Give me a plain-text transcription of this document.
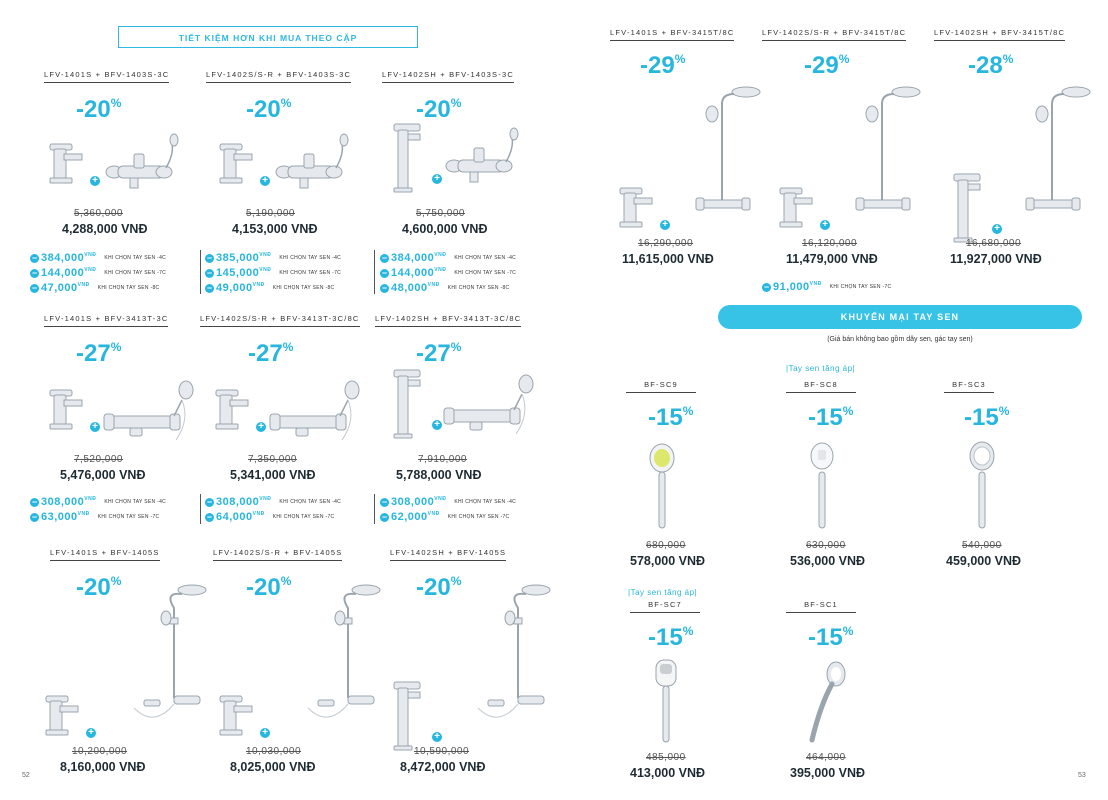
TIẾT KIỆM HƠN KHI MUA THEO CẶP
52	53
LFV-1401S + BFV-1403S-3C
-20%
+
5,360,000
4,288,000 VNĐ
− $384,000^{VNĐ}$ KHI CHỌN TAY SEN -4C
− $144,000^{VNĐ}$ KHI CHỌN TAY SEN -7C
− $47,000^{VNĐ}$ KHI CHỌN TAY SEN -8C
LFV-1402S/S-R + BFV-1403S-3C
-20%
+
5,190,000
4,153,000 VNĐ
− $385,000^{VNĐ}$ KHI CHỌN TAY SEN -4C
− $145,000^{VNĐ}$ KHI CHỌN TAY SEN -7C
− $49,000^{VNĐ}$ KHI CHỌN TAY SEN -8C
LFV-1402SH + BFV-1403S-3C
-20%
+
5,750,000
4,600,000 VNĐ
− $384,000^{VNĐ}$ KHI CHỌN TAY SEN -4C
− $144,000^{VNĐ}$ KHI CHỌN TAY SEN -7C
− $48,000^{VNĐ}$ KHI CHỌN TAY SEN -8C
LFV-1401S + BFV-3413T-3C
-27%
+
7,520,000
5,476,000 VNĐ
− $308,000^{VNĐ}$ KHI CHỌN TAY SEN -4C
− $63,000^{VNĐ}$ KHI CHỌN TAY SEN -7C
LFV-1402S/S-R + BFV-3413T-3C/8C
-27%
+
7,350,000
5,341,000 VNĐ
− $308,000^{VNĐ}$ KHI CHỌN TAY SEN -4C
− $64,000^{VNĐ}$ KHI CHỌN TAY SEN -7C
LFV-1402SH + BFV-3413T-3C/8C
-27%
+
7,910,000
5,788,000 VNĐ
− $308,000^{VNĐ}$ KHI CHỌN TAY SEN -4C
− $62,000^{VNĐ}$ KHI CHỌN TAY SEN -7C
LFV-1401S + BFV-1405S
-20%
+
10,200,000
8,160,000 VNĐ
LFV-1402S/S-R + BFV-1405S
-20%
+
10,030,000
8,025,000 VNĐ
LFV-1402SH + BFV-1405S
-20%
+
10,590,000
8,472,000 VNĐ
LFV-1401S + BFV-3415T/8C
-29%
+
16,290,000
11,615,000 VNĐ
LFV-1402S/S-R + BFV-3415T/8C
-29%
+
16,120,000
11,479,000 VNĐ
LFV-1402SH + BFV-3415T/8C
-28%
+
16,680,000
11,927,000 VNĐ
− $91,000^{VNĐ}$ KHI CHỌN TAY SEN -7C
KHUYẾN MẠI TAY SEN
(Giá bán không bao gồm dây sen, gác tay sen)
BF-SC9
-15%
680,000
578,000 VNĐ
BF-SC8
-15%
630,000
536,000 VNĐ
BF-SC3
-15%
540,000
459,000 VNĐ
BF-SC7
-15%
485,000
413,000 VNĐ
BF-SC1
-15%
464,000
395,000 VNĐ
|Tay sen tăng áp|
|Tay sen tăng áp|
